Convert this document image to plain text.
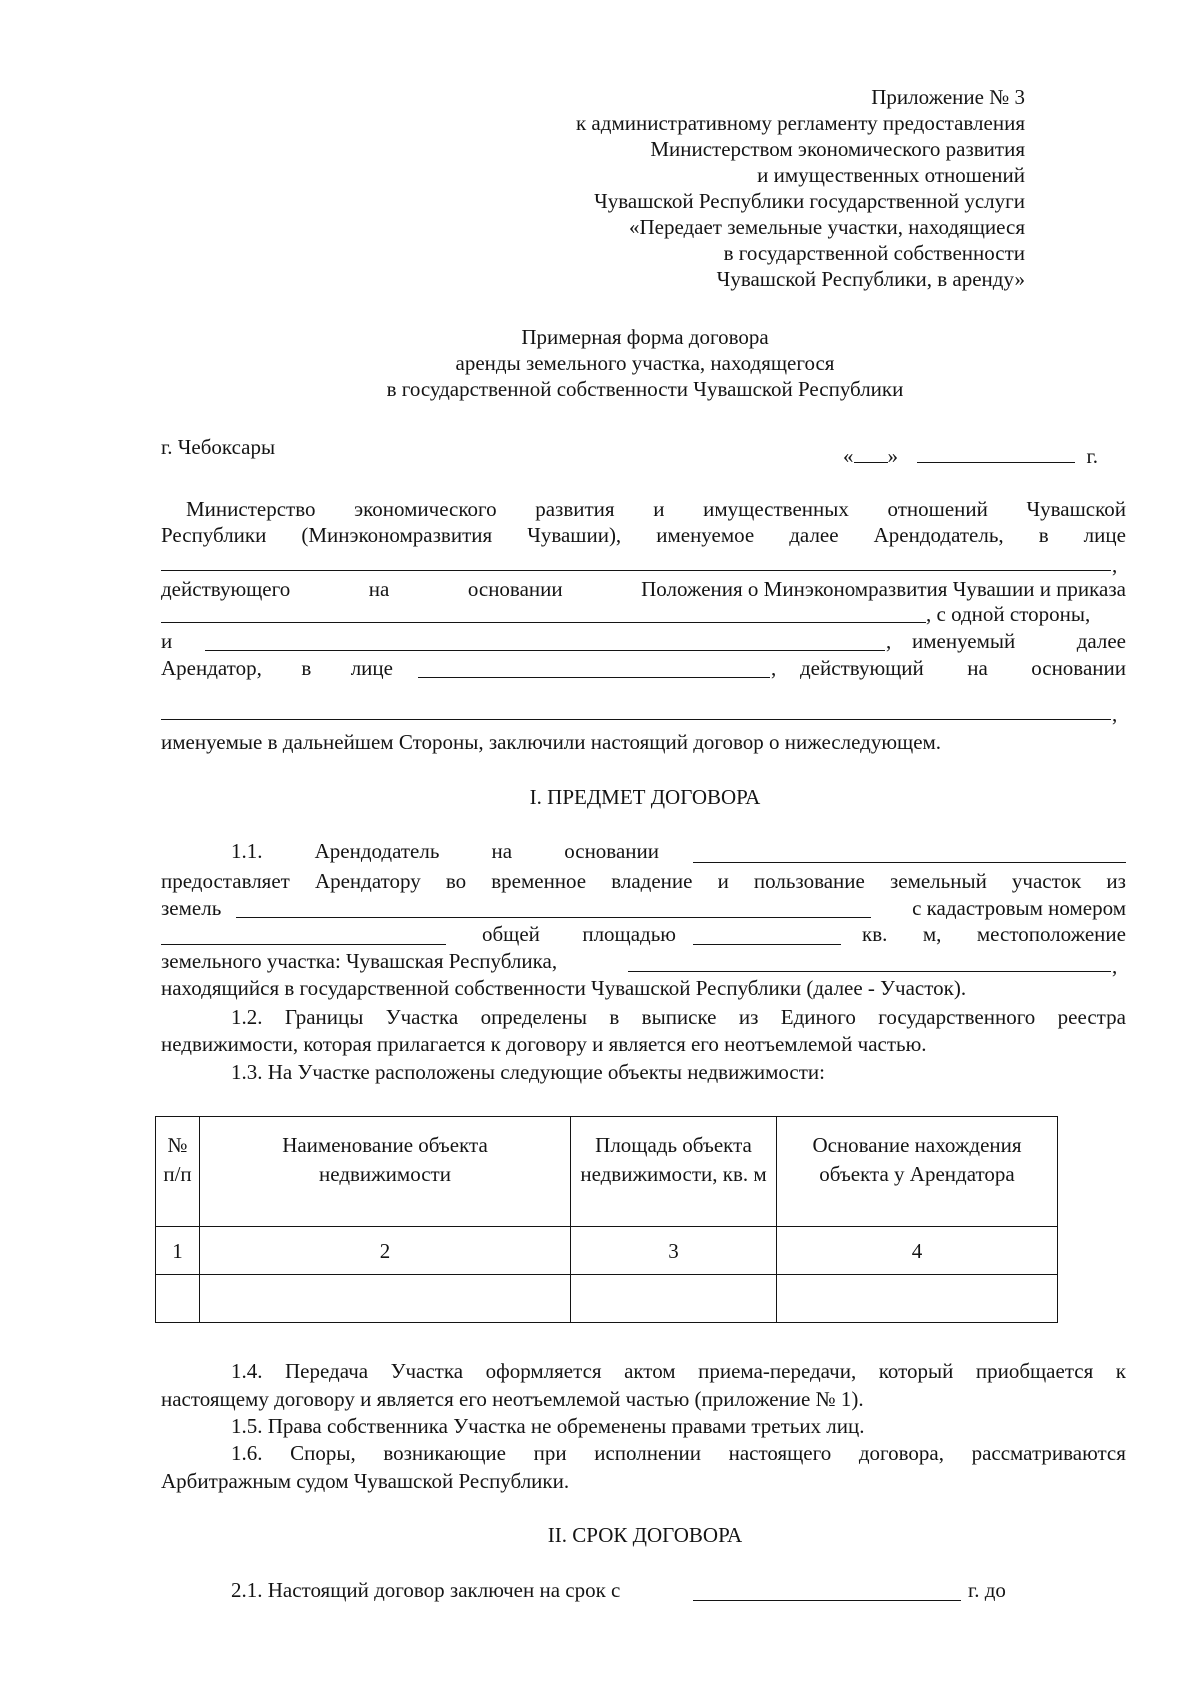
Приложение № 3
к административному регламенту предоставления
Министерством экономического развития
и имущественных отношений
Чувашской Республики государственной услуги
«Передает земельные участки, находящиеся
в государственной собственности
Чувашской Республики, в аренду»
Примерная форма договора
аренды земельного участка, находящегося
в государственной собственности Чувашской Республики
г. Чебоксары	« »	г.
Министерство экономического развития и имущественных отношений Чувашской
Республики (Минэкономразвития Чувашии), именуемое далее Арендодатель, в лице
,
действующего	на	основании	Положения о Минэкономразвития Чувашии и приказа
, с одной стороны,
и	, именуемый	далее
Арендатор, в лице	, действующий на основании
,
именуемые в дальнейшем Стороны, заключили настоящий договор о нижеследующем.
I. ПРЕДМЕТ ДОГОВОРА
1.1. Арендодатель на основании
предоставляет Арендатору во временное владение и пользование земельный участок из
земель	с кадастровым номером
общей площадью	кв. м, местоположение
земельного участка: Чувашская Республика,	,
находящийся в государственной собственности Чувашской Республики (далее - Участок).
1.2. Границы Участка определены в выписке из Единого государственного реестра
недвижимости, которая прилагается к договору и является его неотъемлемой частью.
1.3. На Участке расположены следующие объекты недвижимости:
№ п/п	Наименование объекта недвижимости	Площадь объекта недвижимости, кв. м	Основание нахождения объекта у Арендатора
1	2	3	4

1.4. Передача Участка оформляется актом приема-передачи, который приобщается к
настоящему договору и является его неотъемлемой частью (приложение № 1).
1.5. Права собственника Участка не обременены правами третьих лиц.
1.6. Споры, возникающие при исполнении настоящего договора, рассматриваются
Арбитражным судом Чувашской Республики.
II. СРОК ДОГОВОРА
2.1. Настоящий договор заключен на срок с	г. до
